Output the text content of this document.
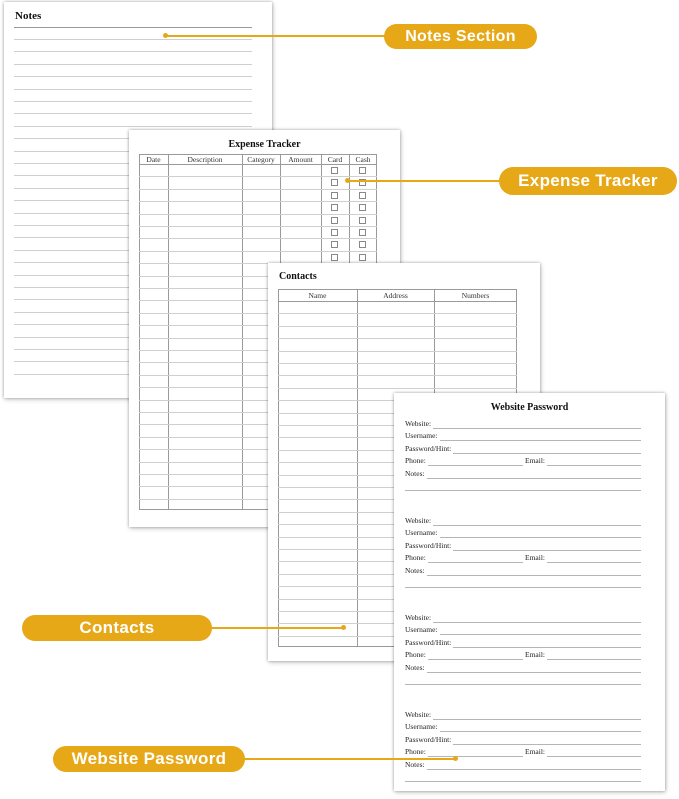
Notes
Expense Tracker
Date	Description	Category	Amount	Card	Cash
Contacts
Name	Address	Numbers
Website Password
Website:
Username:
Password/Hint:
Phone:	Email:
Notes:
Website:
Username:
Password/Hint:
Phone:	Email:
Notes:
Website:
Username:
Password/Hint:
Phone:	Email:
Notes:
Website:
Username:
Password/Hint:
Phone:	Email:
Notes:
Notes Section
Expense Tracker
Contacts
Website Password
